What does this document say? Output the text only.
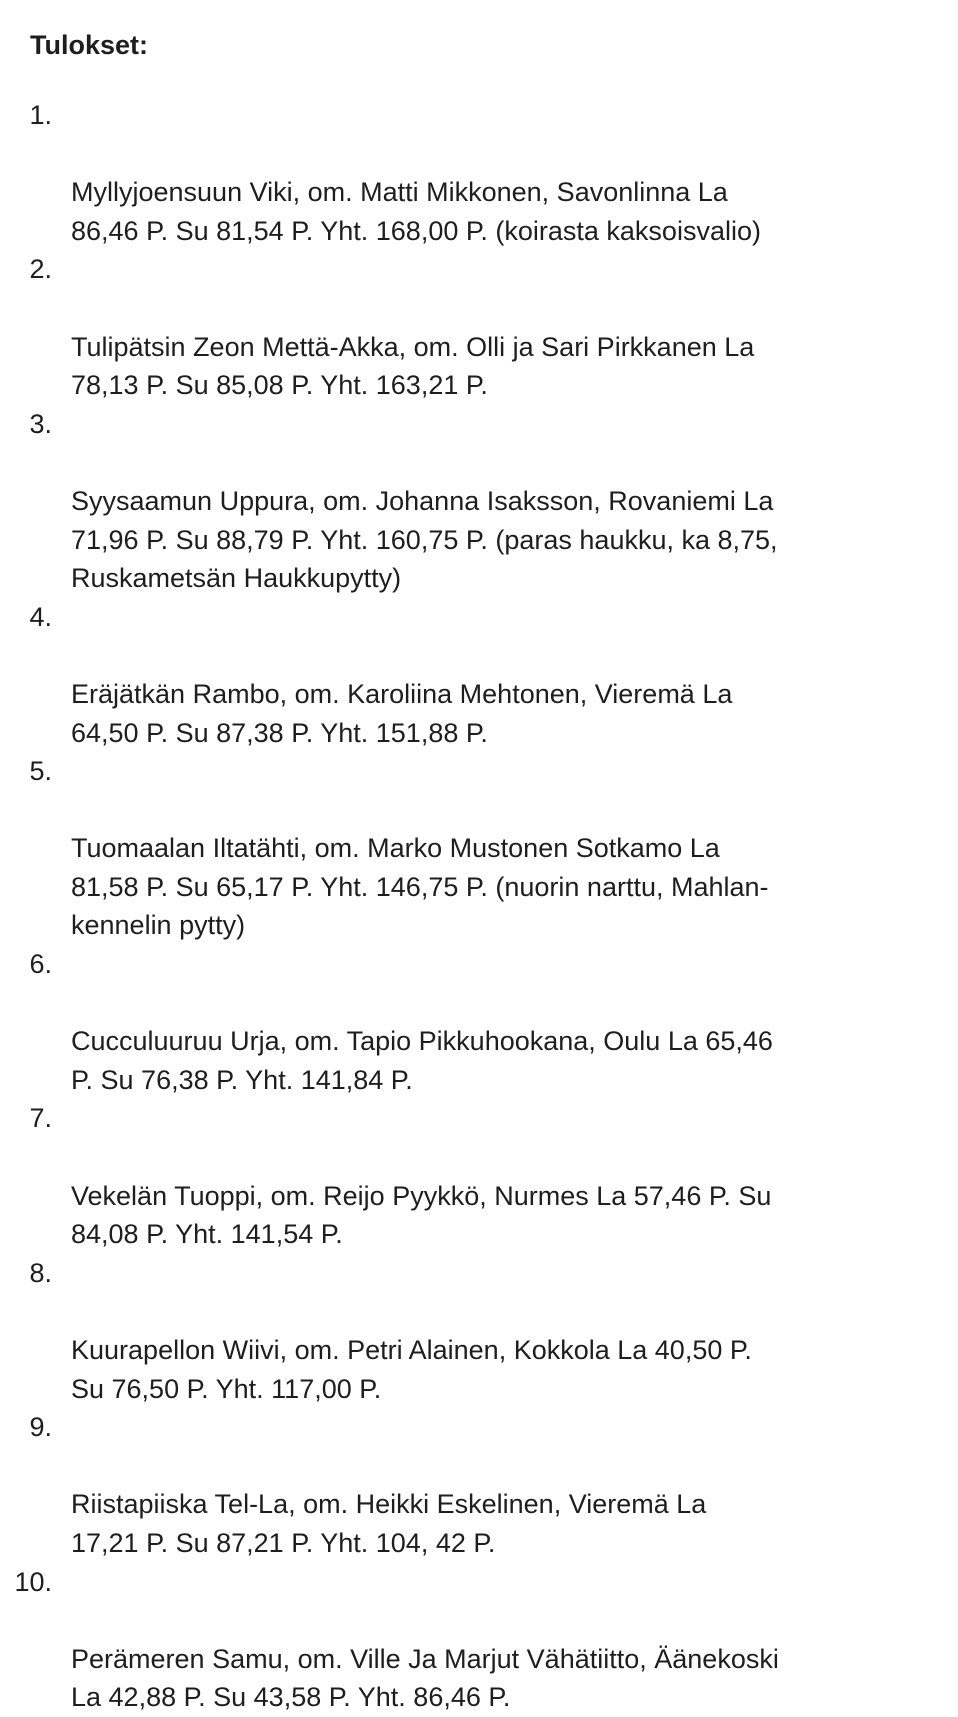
Tulokset:

1.

Myllyjoensuun Viki, om. Matti Mikkonen, Savonlinna La
86,46 P. Su 81,54 P. Yht. 168,00 P. (koirasta kaksoisvalio)

2.

Tulipätsin Zeon Mettä-Akka, om. Olli ja Sari Pirkkanen La
78,13 P. Su 85,08 P. Yht. 163,21 P.

3.

Syysaamun Uppura, om. Johanna Isaksson, Rovaniemi La
71,96 P. Su 88,79 P. Yht. 160,75 P. (paras haukku, ka 8,75,
Ruskametsän Haukkupytty)

4.

Eräjätkän Rambo, om. Karoliina Mehtonen, Vieremä La
64,50 P. Su 87,38 P. Yht. 151,88 P.

5.

Tuomaalan Iltatähti, om. Marko Mustonen Sotkamo La
81,58 P. Su 65,17 P. Yht. 146,75 P. (nuorin narttu, Mahlan-
kennelin pytty)

6.

Cucculuuruu Urja, om. Tapio Pikkuhookana, Oulu La 65,46
P. Su 76,38 P. Yht. 141,84 P.

7.

Vekelän Tuoppi, om. Reijo Pyykkö, Nurmes La 57,46 P. Su
84,08 P. Yht. 141,54 P.

8.

Kuurapellon Wiivi, om. Petri Alainen, Kokkola La 40,50 P.
Su 76,50 P. Yht. 117,00 P.

9.

Riistapiiska Tel-La, om. Heikki Eskelinen, Vieremä La
17,21 P. Su 87,21 P. Yht. 104, 42 P.

10.

Perämeren Samu, om. Ville Ja Marjut Vähätiitto, Äänekoski
La 42,88 P. Su 43,58 P. Yht. 86,46 P.
